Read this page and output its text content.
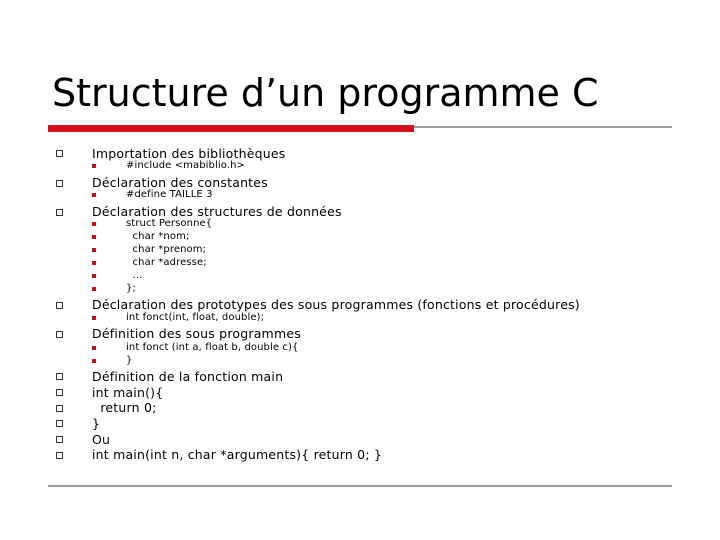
Structure d’un programme C
Importation des bibliothèques
#include <mabiblio.h>
Déclaration des constantes
#define TAILLE 3
Déclaration des structures de données
struct Personne{
char *nom;
char *prenom;
char *adresse;
…
};
Déclaration des prototypes des sous programmes (fonctions et procédures)
int fonct(int, float, double);
Définition des sous programmes
int fonct (int a, float b, double c){
}
Définition de la fonction main
int main(){
return 0;
}
Ou
int main(int n, char *arguments){ return 0; }
